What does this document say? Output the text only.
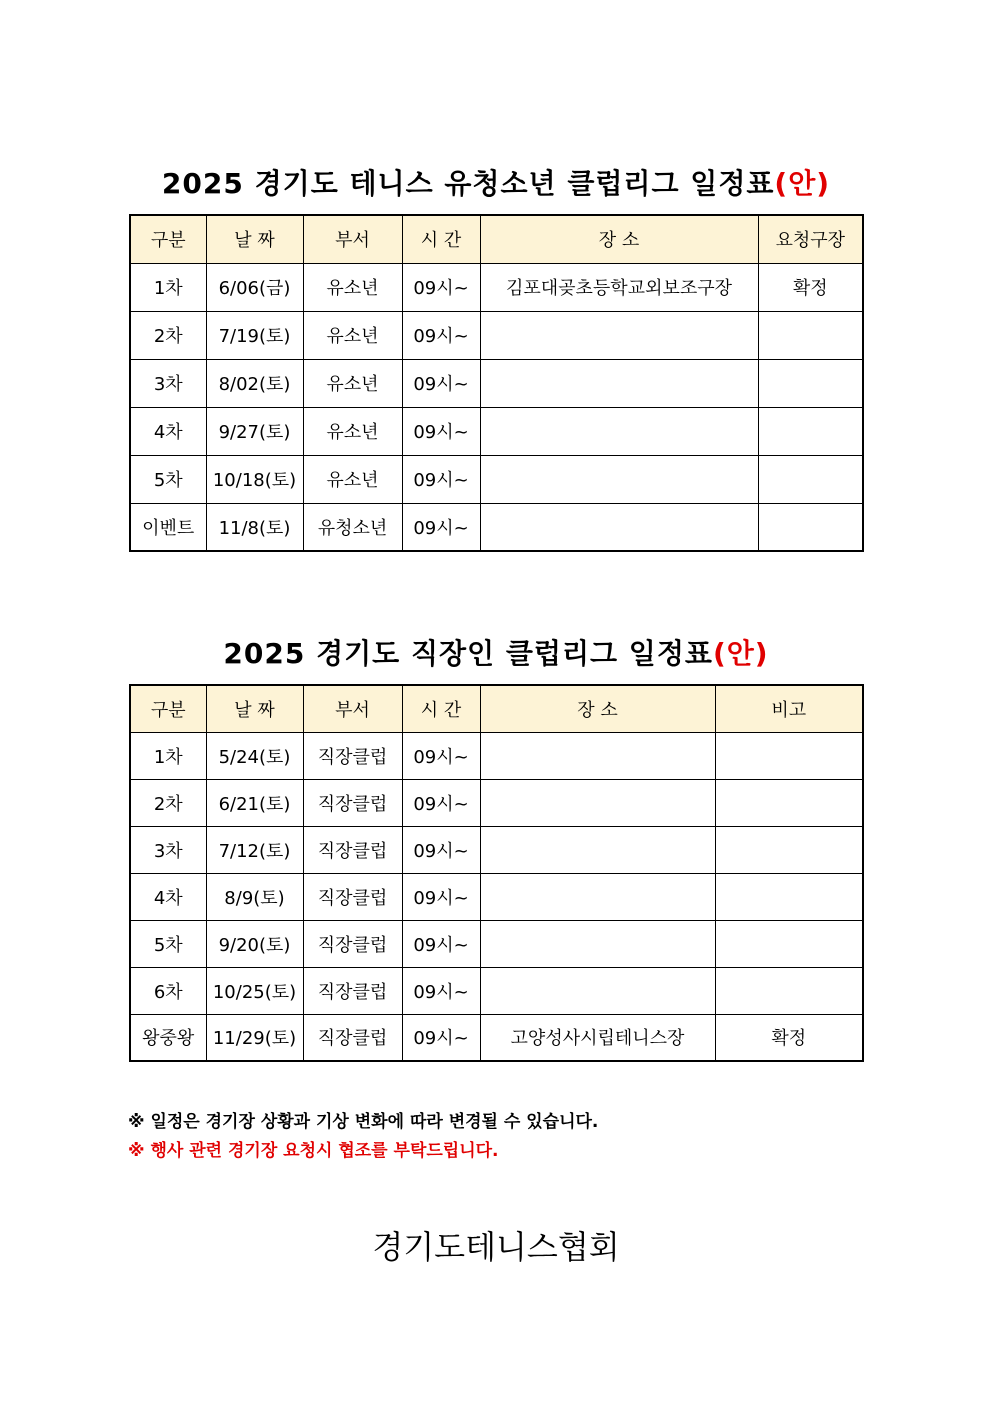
2025 경기도 테니스 유청소년 클럽리그 일정표(안)
구분	날 짜	부서	시 간	장 소	요청구장
1차	6/06(금)	유소년	09시~	김포대곶초등학교외보조구장	확정
2차	7/19(토)	유소년	09시~		
3차	8/02(토)	유소년	09시~		
4차	9/27(토)	유소년	09시~		
5차	10/18(토)	유소년	09시~		
이벤트	11/8(토)	유청소년	09시~		
2025 경기도 직장인 클럽리그 일정표(안)
구분	날 짜	부서	시 간	장 소	비고
1차	5/24(토)	직장클럽	09시~		
2차	6/21(토)	직장클럽	09시~		
3차	7/12(토)	직장클럽	09시~		
4차	8/9(토)	직장클럽	09시~		
5차	9/20(토)	직장클럽	09시~		
6차	10/25(토)	직장클럽	09시~		
왕중왕	11/29(토)	직장클럽	09시~	고양성사시립테니스장	확정
※ 일정은 경기장 상황과 기상 변화에 따라 변경될 수 있습니다.
※ 행사 관련 경기장 요청시 협조를 부탁드립니다.
경기도테니스협회
